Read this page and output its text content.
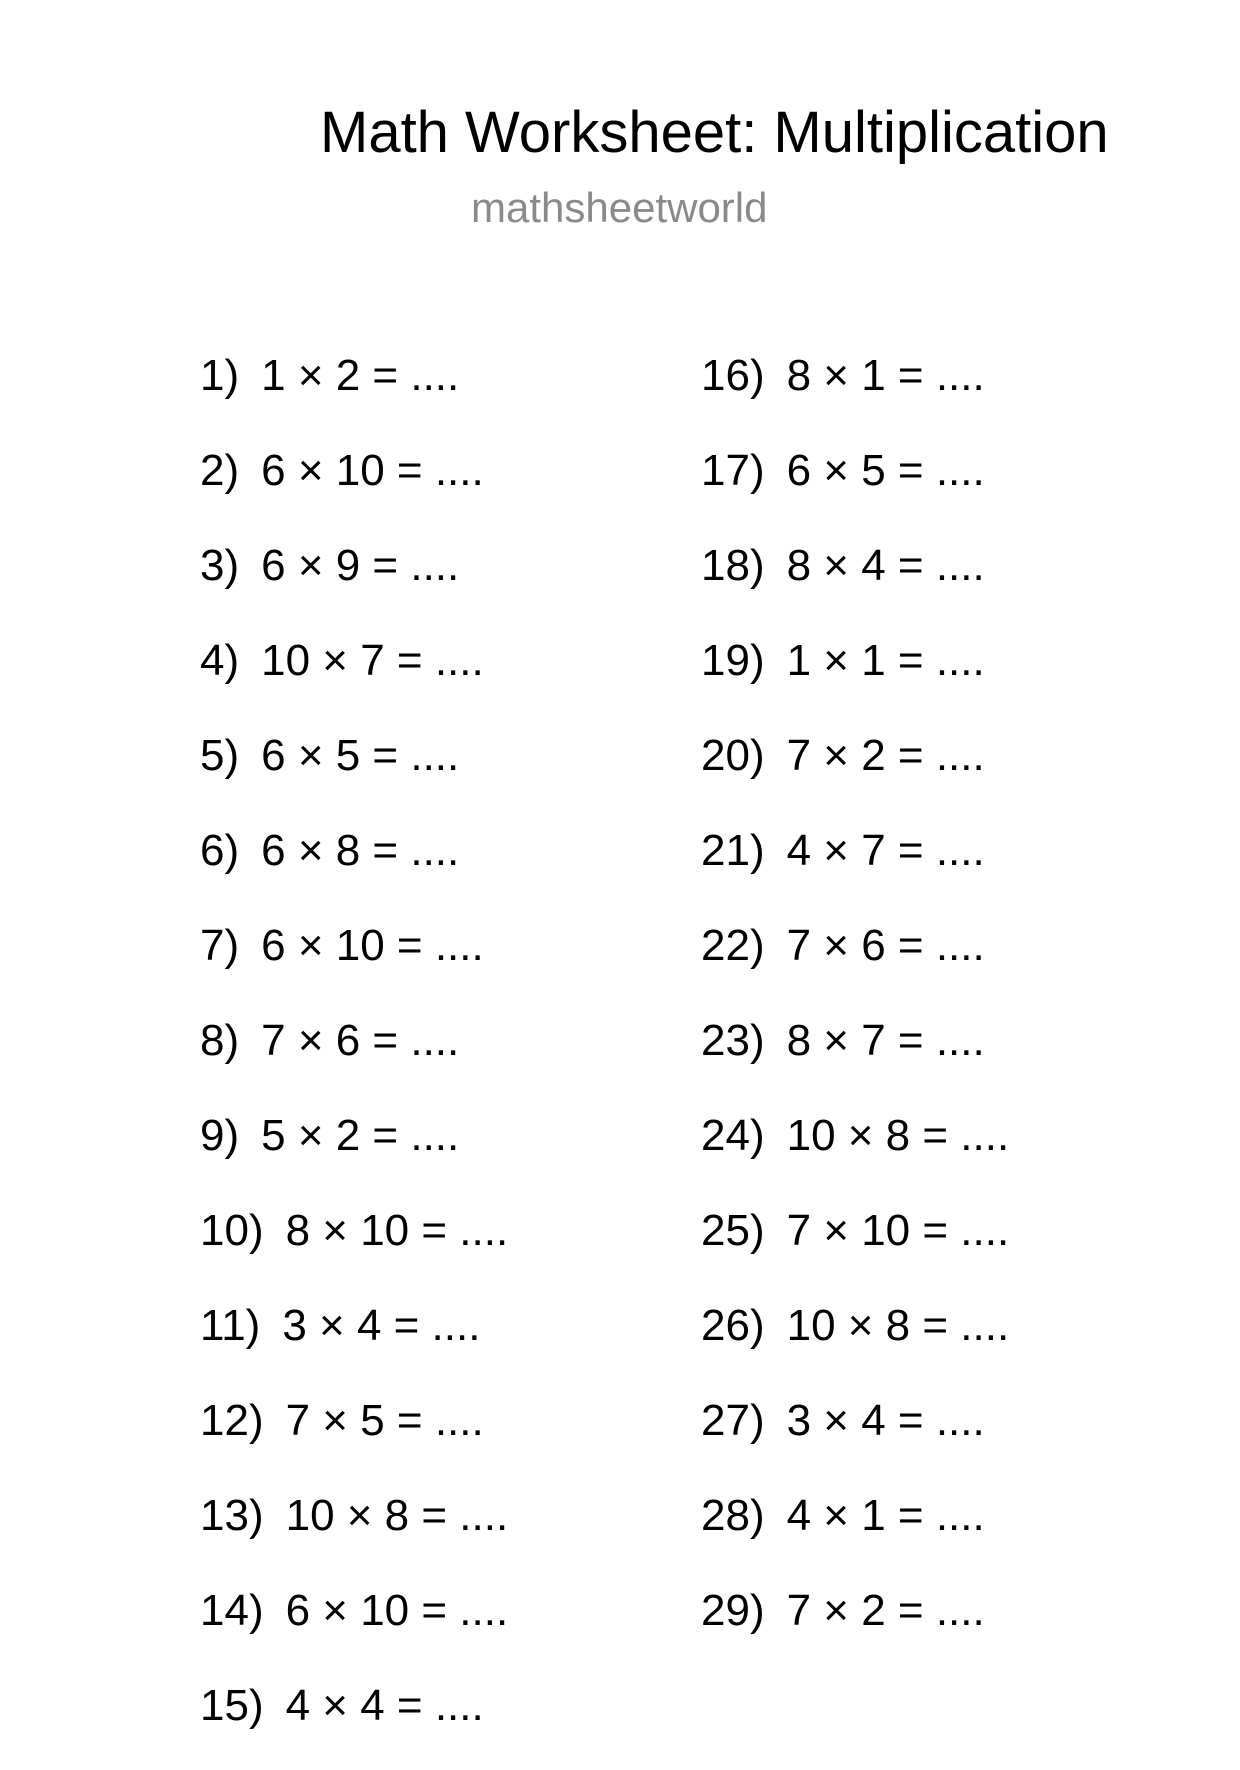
Math Worksheet: Multiplication
mathsheetworld
1) 1 × 2 = ....
2) 6 × 10 = ....
3) 6 × 9 = ....
4) 10 × 7 = ....
5) 6 × 5 = ....
6) 6 × 8 = ....
7) 6 × 10 = ....
8) 7 × 6 = ....
9) 5 × 2 = ....
10) 8 × 10 = ....
11) 3 × 4 = ....
12) 7 × 5 = ....
13) 10 × 8 = ....
14) 6 × 10 = ....
15) 4 × 4 = ....
16) 8 × 1 = ....
17) 6 × 5 = ....
18) 8 × 4 = ....
19) 1 × 1 = ....
20) 7 × 2 = ....
21) 4 × 7 = ....
22) 7 × 6 = ....
23) 8 × 7 = ....
24) 10 × 8 = ....
25) 7 × 10 = ....
26) 10 × 8 = ....
27) 3 × 4 = ....
28) 4 × 1 = ....
29) 7 × 2 = ....
